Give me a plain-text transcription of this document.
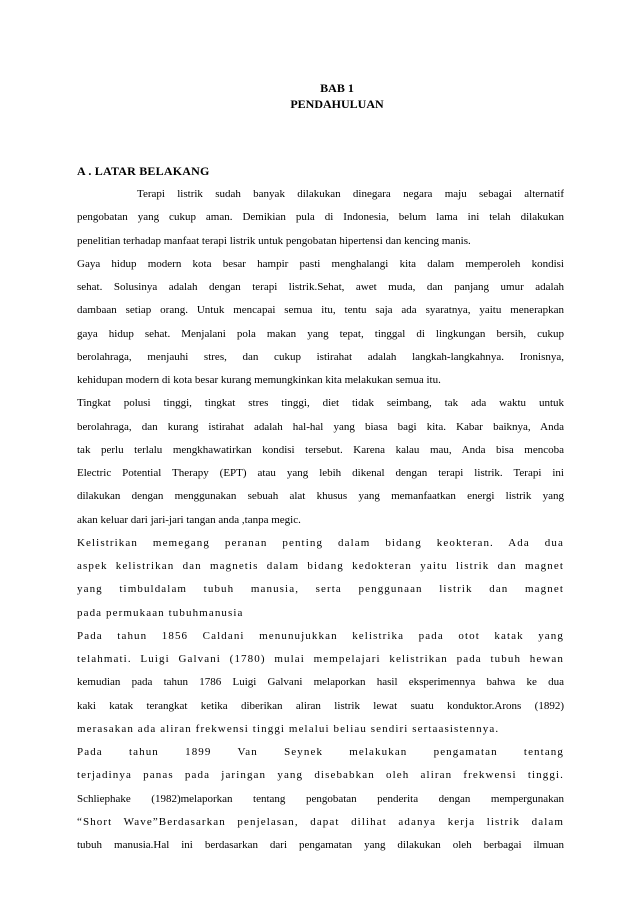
BAB 1
PENDAHULUAN
A . LATAR BELAKANG
Terapi listrik sudah banyak dilakukan dinegara negara maju sebagai alternatif
pengobatan yang cukup aman. Demikian pula di Indonesia, belum lama ini telah dilakukan
penelitian terhadap manfaat terapi listrik untuk pengobatan hipertensi dan kencing manis.
Gaya hidup modern kota besar hampir pasti menghalangi kita dalam memperoleh kondisi
sehat. Solusinya adalah dengan terapi listrik.Sehat, awet muda, dan panjang umur adalah
dambaan setiap orang. Untuk mencapai semua itu, tentu saja ada syaratnya, yaitu menerapkan
gaya hidup sehat. Menjalani pola makan yang tepat, tinggal di lingkungan bersih, cukup
berolahraga, menjauhi stres, dan cukup istirahat adalah langkah-langkahnya. Ironisnya,
kehidupan modern di kota besar kurang memungkinkan kita melakukan semua itu.
Tingkat polusi tinggi, tingkat stres tinggi, diet tidak seimbang, tak ada waktu untuk
berolahraga, dan kurang istirahat adalah hal-hal yang biasa bagi kita. Kabar baiknya, Anda
tak perlu terlalu mengkhawatirkan kondisi tersebut. Karena kalau mau, Anda bisa mencoba
Electric Potential Therapy (EPT) atau yang lebih dikenal dengan terapi listrik. Terapi ini
dilakukan dengan menggunakan sebuah alat khusus yang memanfaatkan energi listrik yang
akan keluar dari jari-jari tangan anda ,tanpa megic.
Kelistrikan memegang peranan penting dalam bidang keokteran. Ada dua
aspek kelistrikan dan magnetis dalam bidang kedokteran yaitu listrik dan magnet
yang timbuldalam tubuh manusia, serta penggunaan listrik dan magnet
pada permukaan tubuhmanusia
Pada tahun 1856 Caldani menunujukkan kelistrika pada otot katak yang
telahmati. Luigi Galvani (1780) mulai mempelajari kelistrikan pada tubuh hewan
kemudian pada tahun 1786 Luigi Galvani melaporkan hasil eksperimennya bahwa ke dua
kaki katak terangkat ketika diberikan aliran listrik lewat suatu konduktor.Arons (1892)
merasakan ada aliran frekwensi tinggi melalui beliau sendiri sertaasistennya.
Pada tahun 1899 Van Seynek melakukan pengamatan tentang
terjadinya panas pada jaringan yang disebabkan oleh aliran frekwensi tinggi.
Schliephake (1982)melaporkan tentang pengobatan penderita dengan mempergunakan
“Short Wave”Berdasarkan penjelasan, dapat dilihat adanya kerja listrik dalam
tubuh manusia.Hal ini berdasarkan dari pengamatan yang dilakukan oleh berbagai ilmuan
